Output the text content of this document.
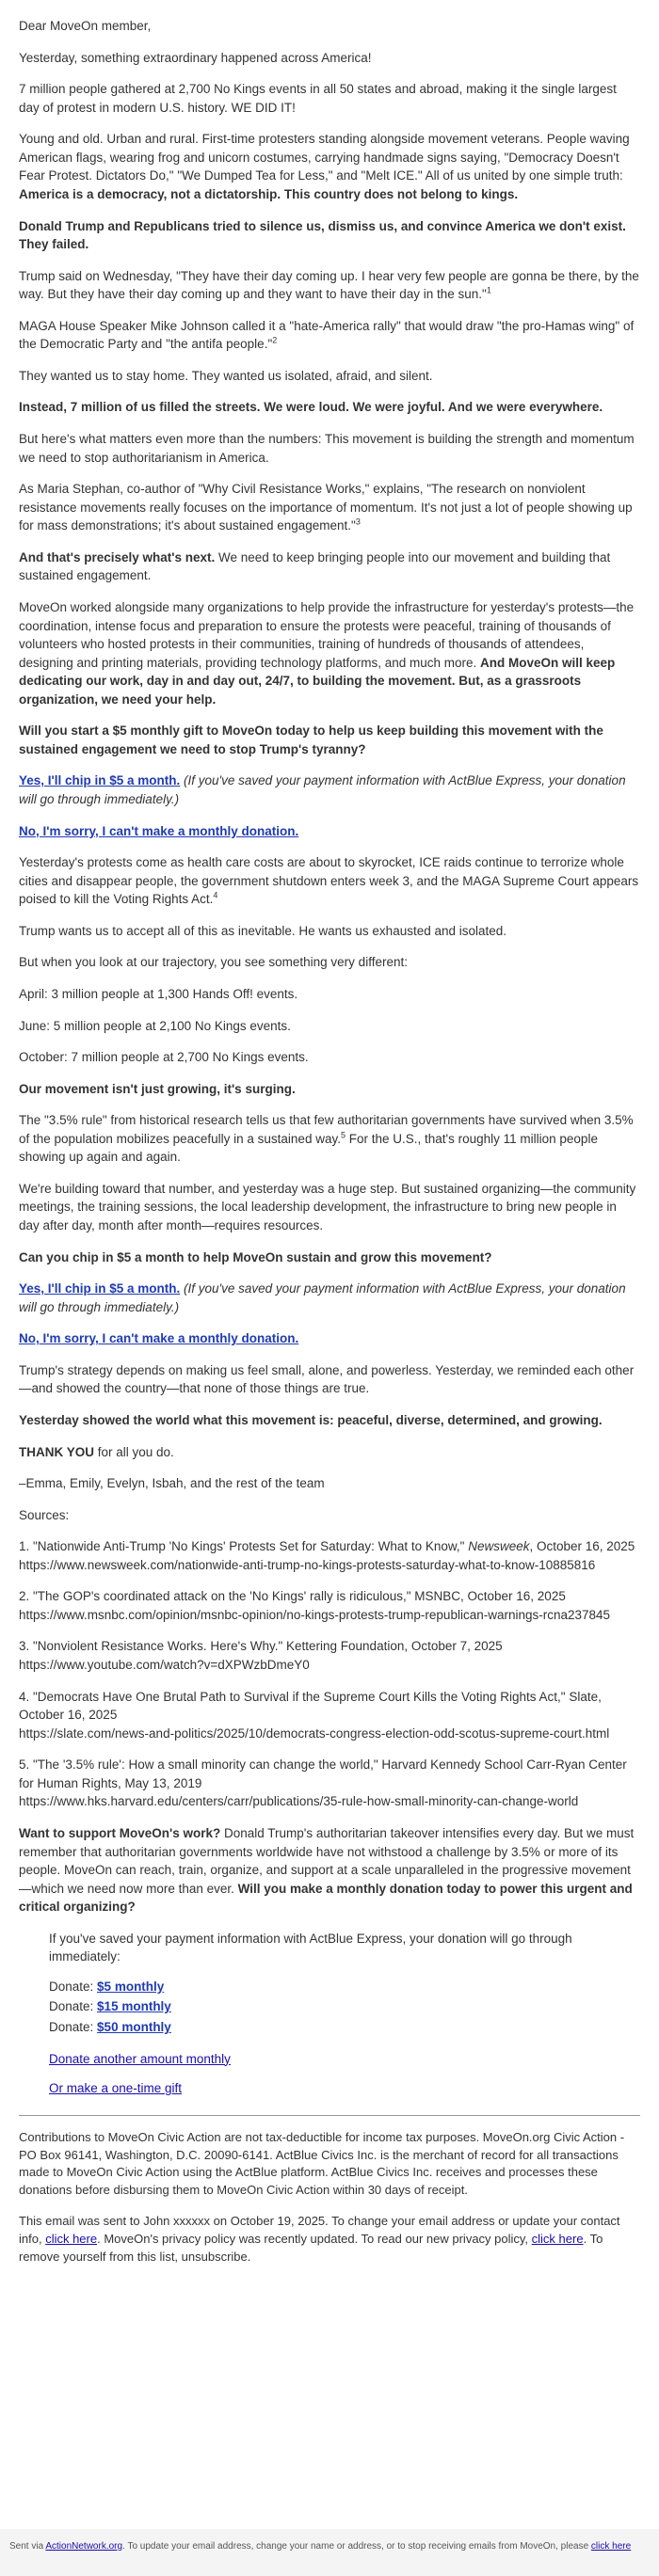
Dear MoveOn member,

Yesterday, something extraordinary happened across America!

7 million people gathered at 2,700 No Kings events in all 50 states and abroad, making it the single largest day of protest in modern U.S. history. WE DID IT!

Young and old. Urban and rural. First-time protesters standing alongside movement veterans. People waving American flags, wearing frog and unicorn costumes, carrying handmade signs saying, "Democracy Doesn't Fear Protest. Dictators Do," "We Dumped Tea for Less," and "Melt ICE." All of us united by one simple truth: America is a democracy, not a dictatorship. This country does not belong to kings.

Donald Trump and Republicans tried to silence us, dismiss us, and convince America we don't exist. They failed.

Trump said on Wednesday, "They have their day coming up. I hear very few people are gonna be there, by the way. But they have their day coming up and they want to have their day in the sun."$^1$

MAGA House Speaker Mike Johnson called it a "hate-America rally" that would draw "the pro-Hamas wing" of the Democratic Party and "the antifa people."$^2$

They wanted us to stay home. They wanted us isolated, afraid, and silent.

Instead, 7 million of us filled the streets. We were loud. We were joyful. And we were everywhere.

But here's what matters even more than the numbers: This movement is building the strength and momentum we need to stop authoritarianism in America.

As Maria Stephan, co-author of "Why Civil Resistance Works," explains, "The research on nonviolent resistance movements really focuses on the importance of momentum. It's not just a lot of people showing up for mass demonstrations; it's about sustained engagement."$^3$

And that's precisely what's next. We need to keep bringing people into our movement and building that sustained engagement.

MoveOn worked alongside many organizations to help provide the infrastructure for yesterday's protests—the coordination, intense focus and preparation to ensure the protests were peaceful, training of thousands of volunteers who hosted protests in their communities, training of hundreds of thousands of attendees, designing and printing materials, providing technology platforms, and much more. And MoveOn will keep dedicating our work, day in and day out, 24/7, to building the movement. But, as a grassroots organization, we need your help.

Will you start a $5 monthly gift to MoveOn today to help us keep building this movement with the sustained engagement we need to stop Trump's tyranny?

Yes, I'll chip in $5 a month. (If you've saved your payment information with ActBlue Express, your donation will go through immediately.)

No, I'm sorry, I can't make a monthly donation.

Yesterday's protests come as health care costs are about to skyrocket, ICE raids continue to terrorize whole cities and disappear people, the government shutdown enters week 3, and the MAGA Supreme Court appears poised to kill the Voting Rights Act.$^4$

Trump wants us to accept all of this as inevitable. He wants us exhausted and isolated.

But when you look at our trajectory, you see something very different:

April: 3 million people at 1,300 Hands Off! events.

June: 5 million people at 2,100 No Kings events.

October: 7 million people at 2,700 No Kings events.

Our movement isn't just growing, it's surging.

The "3.5% rule" from historical research tells us that few authoritarian governments have survived when 3.5% of the population mobilizes peacefully in a sustained way.$^5$ For the U.S., that's roughly 11 million people showing up again and again.

We're building toward that number, and yesterday was a huge step. But sustained organizing—the community meetings, the training sessions, the local leadership development, the infrastructure to bring new people in day after day, month after month—requires resources.

Can you chip in $5 a month to help MoveOn sustain and grow this movement?

Yes, I'll chip in $5 a month. (If you've saved your payment information with ActBlue Express, your donation will go through immediately.)

No, I'm sorry, I can't make a monthly donation.

Trump's strategy depends on making us feel small, alone, and powerless. Yesterday, we reminded each other—and showed the country—that none of those things are true.

Yesterday showed the world what this movement is: peaceful, diverse, determined, and growing.

THANK YOU for all you do.

–Emma, Emily, Evelyn, Isbah, and the rest of the team

Sources:

1. "Nationwide Anti-Trump 'No Kings' Protests Set for Saturday: What to Know," Newsweek, October 16, 2025
https://www.newsweek.com/nationwide-anti-trump-no-kings-protests-saturday-what-to-know-10885816

2. "The GOP's coordinated attack on the 'No Kings' rally is ridiculous," MSNBC, October 16, 2025
https://www.msnbc.com/opinion/msnbc-opinion/no-kings-protests-trump-republican-warnings-rcna237845

3. "Nonviolent Resistance Works. Here's Why." Kettering Foundation, October 7, 2025
https://www.youtube.com/watch?v=dXPWzbDmeY0

4. "Democrats Have One Brutal Path to Survival if the Supreme Court Kills the Voting Rights Act," Slate, October 16, 2025
https://slate.com/news-and-politics/2025/10/democrats-congress-election-odd-scotus-supreme-court.html

5. "The '3.5% rule': How a small minority can change the world," Harvard Kennedy School Carr-Ryan Center for Human Rights, May 13, 2019
https://www.hks.harvard.edu/centers/carr/publications/35-rule-how-small-minority-can-change-world

Want to support MoveOn's work? Donald Trump's authoritarian takeover intensifies every day. But we must remember that authoritarian governments worldwide have not withstood a challenge by 3.5% or more of its people. MoveOn can reach, train, organize, and support at a scale unparalleled in the progressive movement—which we need now more than ever. Will you make a monthly donation today to power this urgent and critical organizing?

If you've saved your payment information with ActBlue Express, your donation will go through immediately:

Donate: $5 monthly
Donate: $15 monthly
Donate: $50 monthly

Donate another amount monthly

Or make a one-time gift

Contributions to MoveOn Civic Action are not tax-deductible for income tax purposes. MoveOn.org Civic Action - PO Box 96141, Washington, D.C. 20090-6141. ActBlue Civics Inc. is the merchant of record for all transactions made to MoveOn Civic Action using the ActBlue platform. ActBlue Civics Inc. receives and processes these donations before disbursing them to MoveOn Civic Action within 30 days of receipt.

This email was sent to John xxxxxx on October 19, 2025. To change your email address or update your contact info, click here. MoveOn's privacy policy was recently updated. To read our new privacy policy, click here. To remove yourself from this list, unsubscribe.

Sent via ActionNetwork.org. To update your email address, change your name or address, or to stop receiving emails from MoveOn, please click here
